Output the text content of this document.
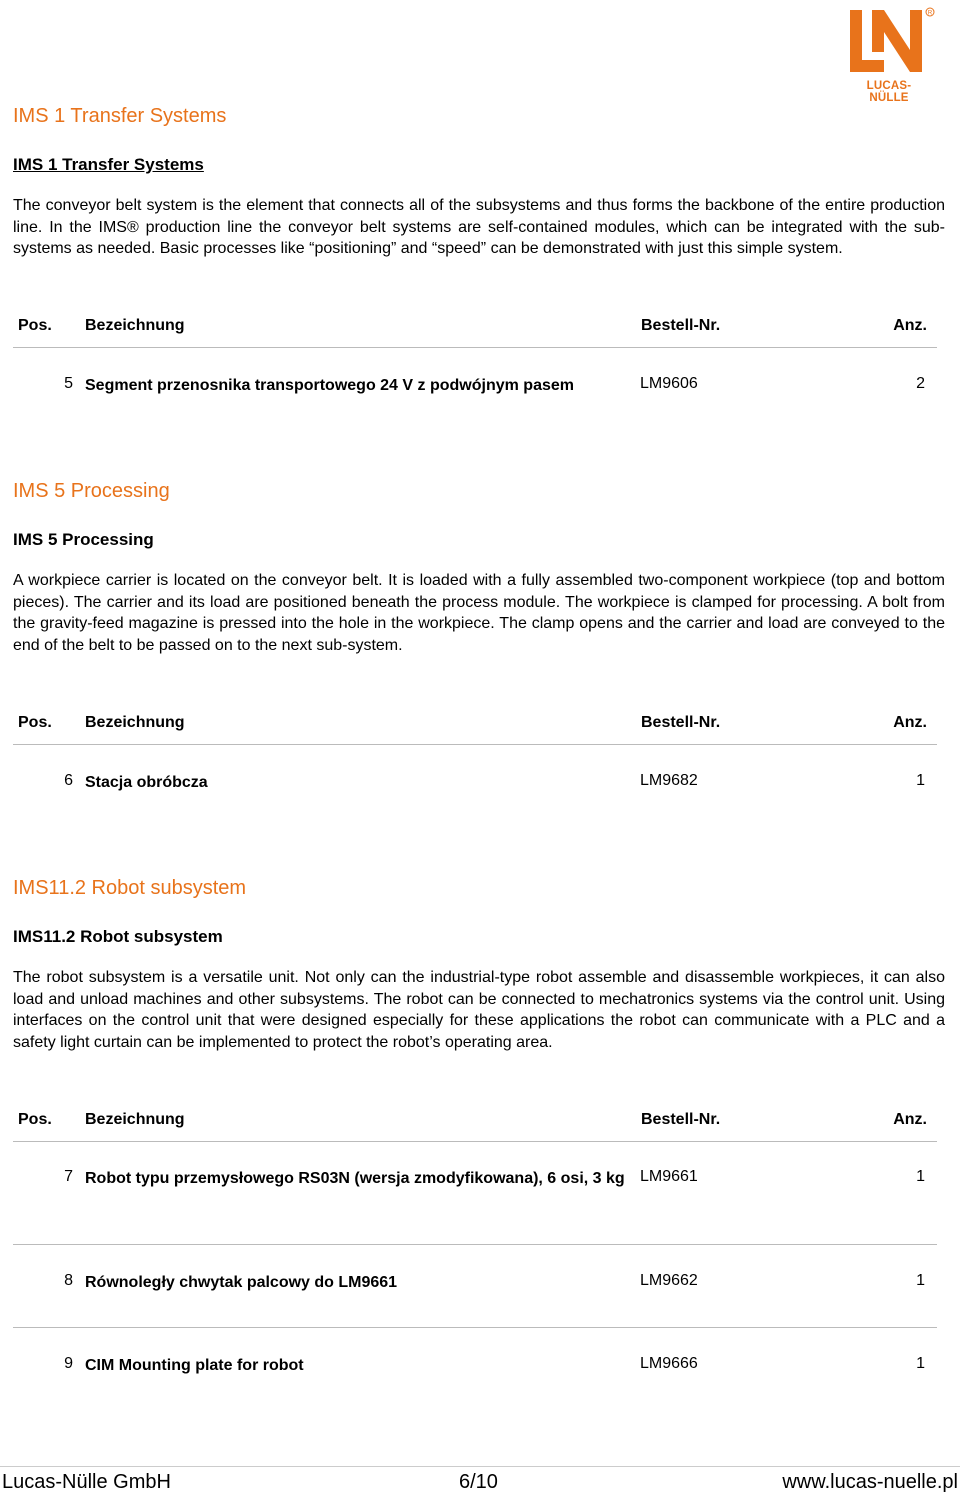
R
LUCAS-NÜLLE
IMS 1 Transfer Systems
IMS 1 Transfer Systems

The conveyor belt system is the element that connects all of the subsystems and thus forms the backbone of the entire production line. In the IMS® production line the conveyor belt systems are self-contained modules, which can be integrated with the sub-systems as needed. Basic processes like “positioning” and “speed” can be demonstrated with just this simple system.

Pos. Bezeichnung	Bestell-Nr.	Anz.
5 Segment przenosnika transportowego 24 V z podwójnym pasem	LM9606	2
IMS 5 Processing
IMS 5 Processing

A workpiece carrier is located on the conveyor belt. It is loaded with a fully assembled two-component workpiece (top and bottom pieces). The carrier and its load are positioned beneath the process module. The workpiece is clamped for processing. A bolt from the gravity-feed magazine is pressed into the hole in the workpiece. The clamp opens and the carrier and load are conveyed to the end of the belt to be passed on to the next sub-system.

Pos. Bezeichnung	Bestell-Nr.	Anz.
6 Stacja obróbcza	LM9682	1
IMS11.2 Robot subsystem
IMS11.2 Robot subsystem

The robot subsystem is a versatile unit. Not only can the industrial-type robot assemble and disassemble workpieces, it can also load and unload machines and other subsystems. The robot can be connected to mechatronics systems via the control unit. Using interfaces on the control unit that were designed especially for these applications the robot can communicate with a PLC and a safety light curtain can be implemented to protect the robot’s operating area.

Pos. Bezeichnung	Bestell-Nr.	Anz.
7 Robot typu przemysłowego RS03N (wersja zmodyfikowana), 6 osi, 3 kg LM9661	1
8 Równoległy chwytak palcowy do LM9661	LM9662	1
9 CIM Mounting plate for robot	LM9666	1
Lucas-Nülle GmbH	6/10	www.lucas-nuelle.pl
